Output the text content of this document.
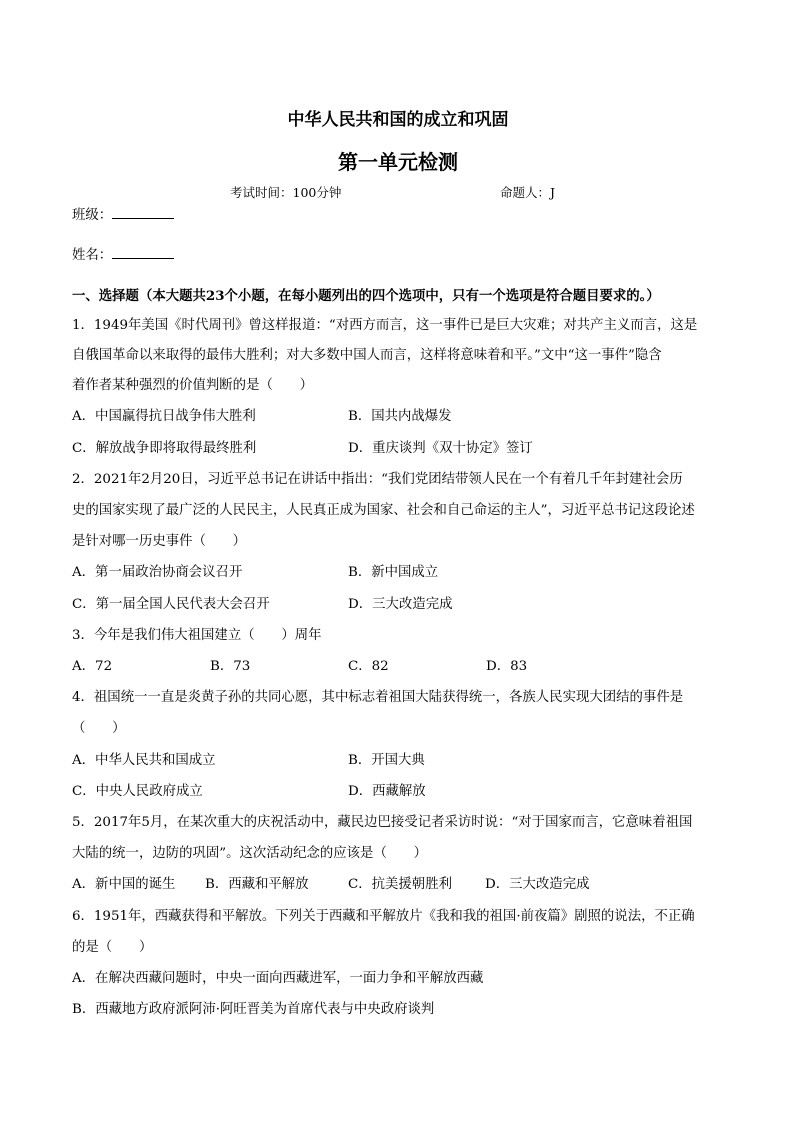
中华人民共和国的成立和巩固
第一单元检测
考试时间：100分钟	命题人：J
班级：
姓名：
一、选择题（本大题共23个小题，在每小题列出的四个选项中，只有一个选项是符合题目要求的。）
1．1949年美国《时代周刊》曾这样报道：“对西方而言，这一事件已是巨大灾难；对共产主义而言，这是
自俄国革命以来取得的最伟大胜利；对大多数中国人而言，这样将意味着和平。”文中“这一事件”隐含
着作者某种强烈的价值判断的是（　　）
A．中国赢得抗日战争伟大胜利	B．国共内战爆发
C．解放战争即将取得最终胜利	D．重庆谈判《双十协定》签订
2．2021年2月20日，习近平总书记在讲话中指出：“我们党团结带领人民在一个有着几千年封建社会历
史的国家实现了最广泛的人民民主，人民真正成为国家、社会和自己命运的主人”，习近平总书记这段论述
是针对哪一历史事件（　　）
A．第一届政治协商会议召开	B．新中国成立
C．第一届全国人民代表大会召开	D．三大改造完成
3．今年是我们伟大祖国建立（　　）周年
A．72	B．73	C．82	D．83
4．祖国统一一直是炎黄子孙的共同心愿，其中标志着祖国大陆获得统一，各族人民实现大团结的事件是
（　　）
A．中华人民共和国成立	B．开国大典
C．中央人民政府成立	D．西藏解放
5．2017年5月，在某次重大的庆祝活动中，藏民边巴接受记者采访时说：“对于国家而言，它意味着祖国
大陆的统一，边防的巩固”。这次活动纪念的应该是（　　）
A．新中国的诞生 B．西藏和平解放	C．抗美援朝胜利 D．三大改造完成
6．1951年，西藏获得和平解放。下列关于西藏和平解放片《我和我的祖国·前夜篇》剧照的说法，不正确
的是（　　）
A．在解决西藏问题时，中央一面向西藏进军，一面力争和平解放西藏
B．西藏地方政府派阿沛·阿旺晋美为首席代表与中央政府谈判
